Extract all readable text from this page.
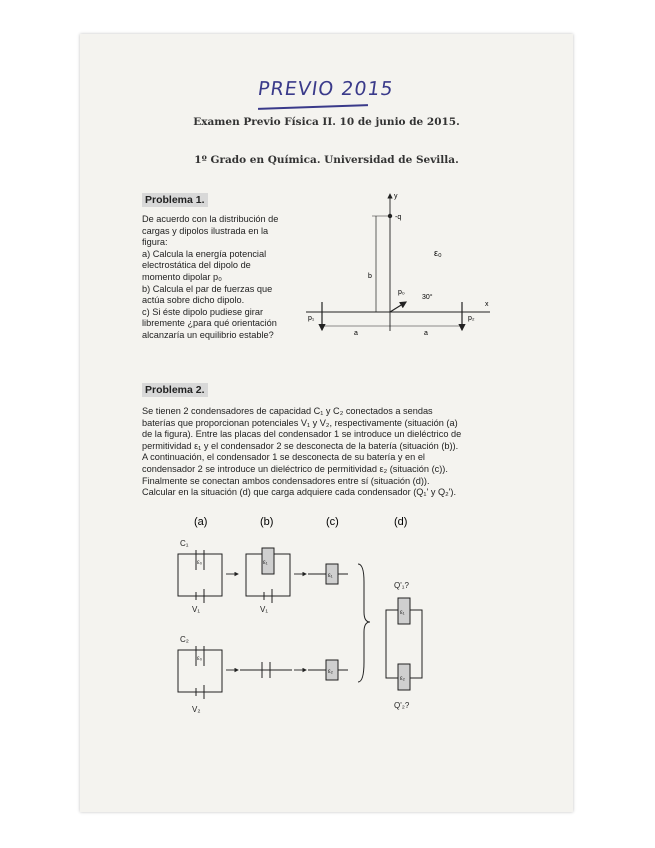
PREVIO 2015
Examen Previo Física II. 10 de junio de 2015.
1º Grado en Química. Universidad de Sevilla.
Problema 1.
De acuerdo con la distribución de
cargas y dipolos ilustrada en la
figura:
a) Calcula la energía potencial
electrostática del dipolo de
momento dipolar p₀
b) Calcula el par de fuerzas que
actúa sobre dicho dipolo.
c) Si éste dipolo pudiese girar
libremente ¿para qué orientación
alcanzaría un equilibrio estable?
y
x
-q
b
ε₀
p₀
30°
p₁	p₂
a	a
Problema 2.
Se tienen 2 condensadores de capacidad C₁ y C₂ conectados a sendas
baterías que proporcionan potenciales V₁ y V₂, respectivamente (situación (a)
de la figura). Entre las placas del condensador 1 se introduce un dieléctrico de
permitividad ε₁ y el condensador 2 se desconecta de la batería (situación (b)).
A continuación, el condensador 1 se desconecta de su batería y en el
condensador 2 se introduce un dieléctrico de permitividad ε₂ (situación (c)).
Finalmente se conectan ambos condensadores entre sí (situación (d)).
Calcular en la situación (d) que carga adquiere cada condensador (Q₁' y Q₂').
(a)	(b)	(c)	(d)
C₁
ε₀
V₁
ε₁
V₁
ε₁
C₂
ε₀
V₂
ε₂
ε₁
ε₂
Q'₁?
Q'₂?
